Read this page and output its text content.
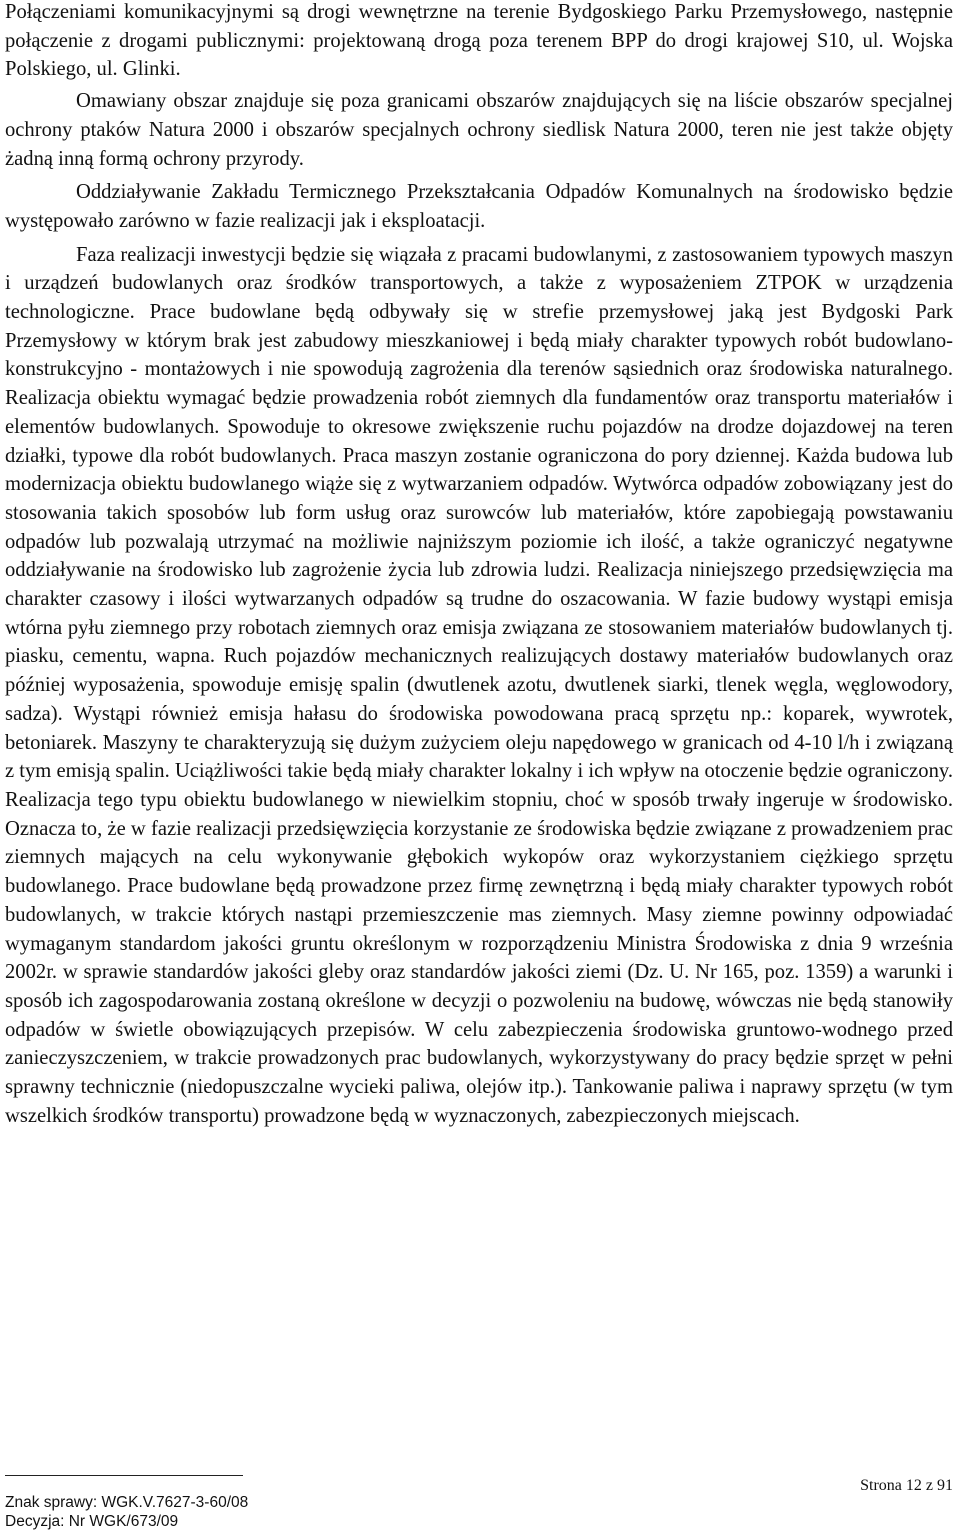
Połączeniami komunikacyjnymi są drogi wewnętrzne na terenie Bydgoskiego Parku Przemysłowego, następnie połączenie z drogami publicznymi: projektowaną drogą poza terenem BPP do drogi krajowej S10, ul. Wojska Polskiego, ul. Glinki.

Omawiany obszar znajduje się poza granicami obszarów znajdujących się na liście obszarów specjalnej ochrony ptaków Natura 2000 i obszarów specjalnych ochrony siedlisk Natura 2000, teren nie jest także objęty żadną inną formą ochrony przyrody.

Oddziaływanie Zakładu Termicznego Przekształcania Odpadów Komunalnych na środowisko będzie występowało zarówno w fazie realizacji jak i eksploatacji.

Faza realizacji inwestycji będzie się wiązała z pracami budowlanymi, z zastosowaniem typowych maszyn i urządzeń budowlanych oraz środków transportowych, a także z wyposażeniem ZTPOK w urządzenia technologiczne. Prace budowlane będą odbywały się w strefie przemysłowej jaką jest Bydgoski Park Przemysłowy w którym brak jest zabudowy mieszkaniowej i będą miały charakter typowych robót budowlano-konstrukcyjno - montażowych i nie spowodują zagrożenia dla terenów sąsiednich oraz środowiska naturalnego. Realizacja obiektu wymagać będzie prowadzenia robót ziemnych dla fundamentów oraz transportu materiałów i elementów budowlanych. Spowoduje to okresowe zwiększenie ruchu pojazdów na drodze dojazdowej na teren działki, typowe dla robót budowlanych. Praca maszyn zostanie ograniczona do pory dziennej. Każda budowa lub modernizacja obiektu budowlanego wiąże się z wytwarzaniem odpadów. Wytwórca odpadów zobowiązany jest do stosowania takich sposobów lub form usług oraz surowców lub materiałów, które zapobiegają powstawaniu odpadów lub pozwalają utrzymać na możliwie najniższym poziomie ich ilość, a także ograniczyć negatywne oddziaływanie na środowisko lub zagrożenie życia lub zdrowia ludzi. Realizacja niniejszego przedsięwzięcia ma charakter czasowy i ilości wytwarzanych odpadów są trudne do oszacowania. W fazie budowy wystąpi emisja wtórna pyłu ziemnego przy robotach ziemnych oraz emisja związana ze stosowaniem materiałów budowlanych tj. piasku, cementu, wapna. Ruch pojazdów mechanicznych realizujących dostawy materiałów budowlanych oraz później wyposażenia, spowoduje emisję spalin (dwutlenek azotu, dwutlenek siarki, tlenek węgla, węglowodory, sadza). Wystąpi również emisja hałasu do środowiska powodowana pracą sprzętu np.: koparek, wywrotek, betoniarek. Maszyny te charakteryzują się dużym zużyciem oleju napędowego w granicach od 4-10 l/h i związaną z tym emisją spalin. Uciążliwości takie będą miały charakter lokalny i ich wpływ na otoczenie będzie ograniczony. Realizacja tego typu obiektu budowlanego w niewielkim stopniu, choć w sposób trwały ingeruje w środowisko. Oznacza to, że w fazie realizacji przedsięwzięcia korzystanie ze środowiska będzie związane z prowadzeniem prac ziemnych mających na celu wykonywanie głębokich wykopów oraz wykorzystaniem ciężkiego sprzętu budowlanego. Prace budowlane będą prowadzone przez firmę zewnętrzną i będą miały charakter typowych robót budowlanych, w trakcie których nastąpi przemieszczenie mas ziemnych. Masy ziemne powinny odpowiadać wymaganym standardom jakości gruntu określonym w rozporządzeniu Ministra Środowiska z dnia 9 września 2002r. w sprawie standardów jakości gleby oraz standardów jakości ziemi (Dz. U. Nr 165, poz. 1359) a warunki i sposób ich zagospodarowania zostaną określone w decyzji o pozwoleniu na budowę, wówczas nie będą stanowiły odpadów w świetle obowiązujących przepisów. W celu zabezpieczenia środowiska gruntowo-wodnego przed zanieczyszczeniem, w trakcie prowadzonych prac budowlanych, wykorzystywany do pracy będzie sprzęt w pełni sprawny technicznie (niedopuszczalne wycieki paliwa, olejów itp.). Tankowanie paliwa i naprawy sprzętu (w tym wszelkich środków transportu) prowadzone będą w wyznaczonych, zabezpieczonych miejscach.

Strona 12 z 91
Znak sprawy: WGK.V.7627-3-60/08
Decyzja: Nr WGK/673/09
